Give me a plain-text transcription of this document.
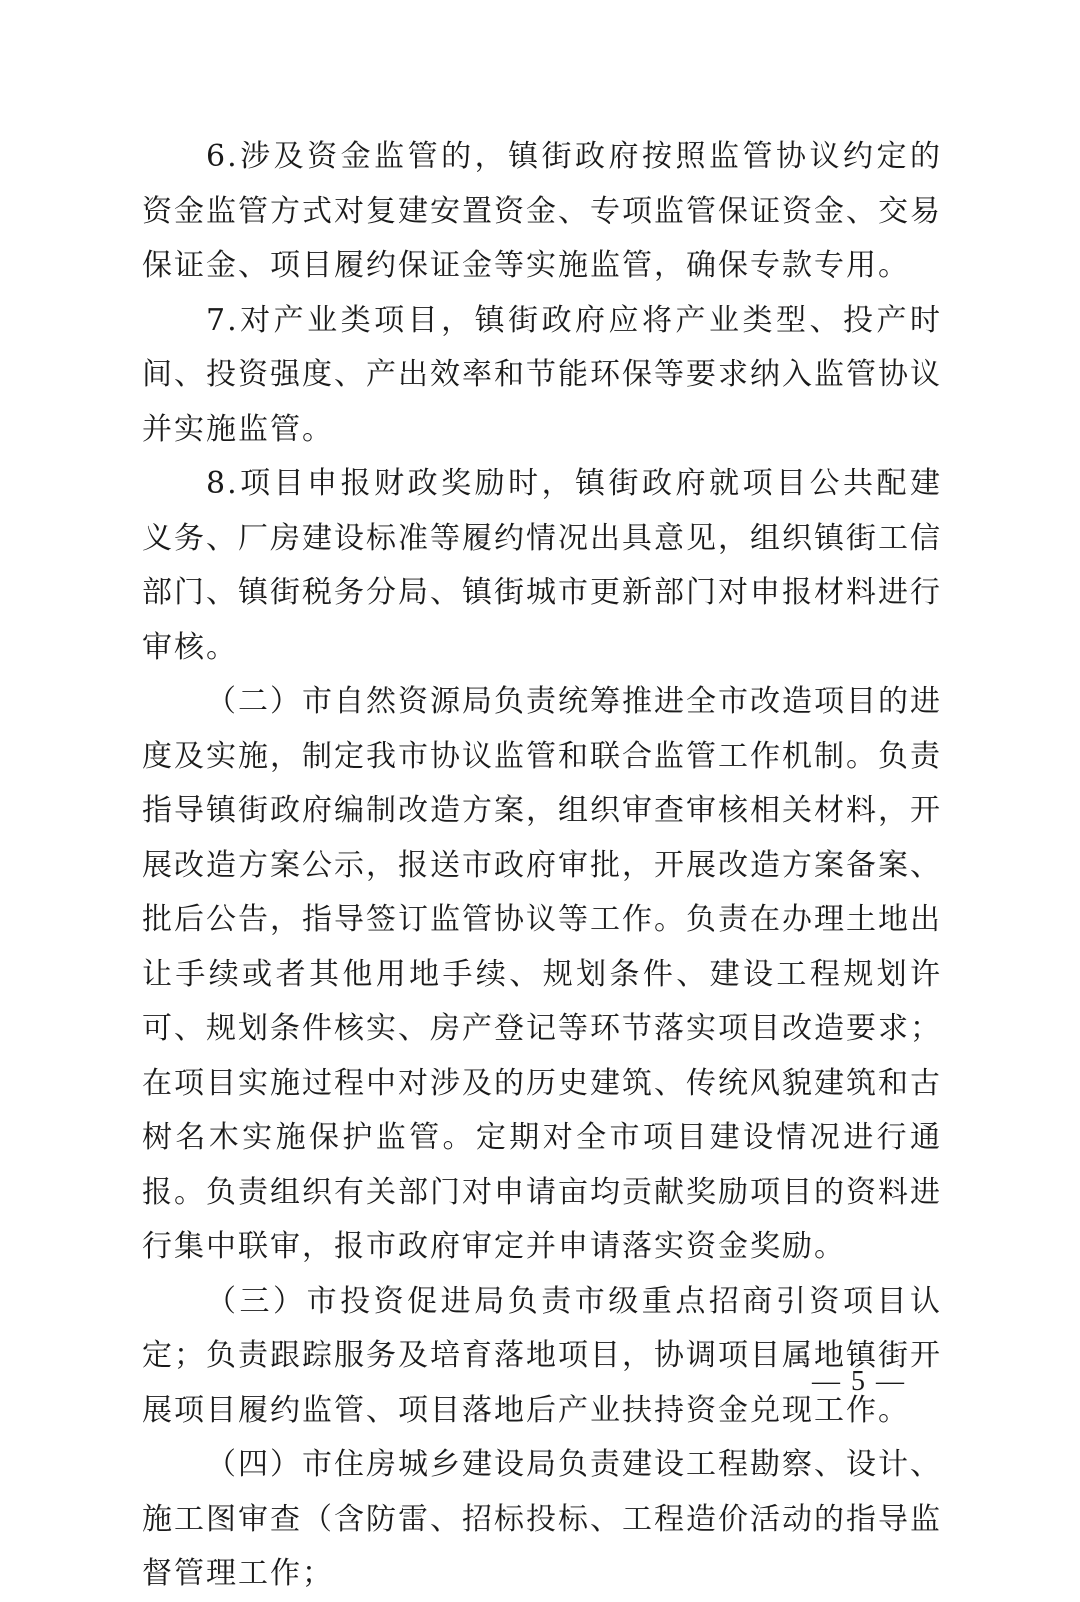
6.涉及资金监管的，镇街政府按照监管协议约定的资金监管方式对复建安置资金、专项监管保证资金、交易保证金、项目履约保证金等实施监管，确保专款专用。

7.对产业类项目，镇街政府应将产业类型、投产时间、投资强度、产出效率和节能环保等要求纳入监管协议并实施监管。

8.项目申报财政奖励时，镇街政府就项目公共配建义务、厂房建设标准等履约情况出具意见，组织镇街工信部门、镇街税务分局、镇街城市更新部门对申报材料进行审核。

（二）市自然资源局负责统筹推进全市改造项目的进度及实施，制定我市协议监管和联合监管工作机制。负责指导镇街政府编制改造方案，组织审查审核相关材料，开展改造方案公示，报送市政府审批，开展改造方案备案、批后公告，指导签订监管协议等工作。负责在办理土地出让手续或者其他用地手续、规划条件、建设工程规划许可、规划条件核实、房产登记等环节落实项目改造要求；在项目实施过程中对涉及的历史建筑、传统风貌建筑和古树名木实施保护监管。定期对全市项目建设情况进行通报。负责组织有关部门对申请亩均贡献奖励项目的资料进行集中联审，报市政府审定并申请落实资金奖励。

（三）市投资促进局负责市级重点招商引资项目认定；负责跟踪服务及培育落地项目，协调项目属地镇街开展项目履约监管、项目落地后产业扶持资金兑现工作。

（四）市住房城乡建设局负责建设工程勘察、设计、施工图审查（含防雷、招标投标、工程造价活动的指导监督管理工作；

— 5 —
